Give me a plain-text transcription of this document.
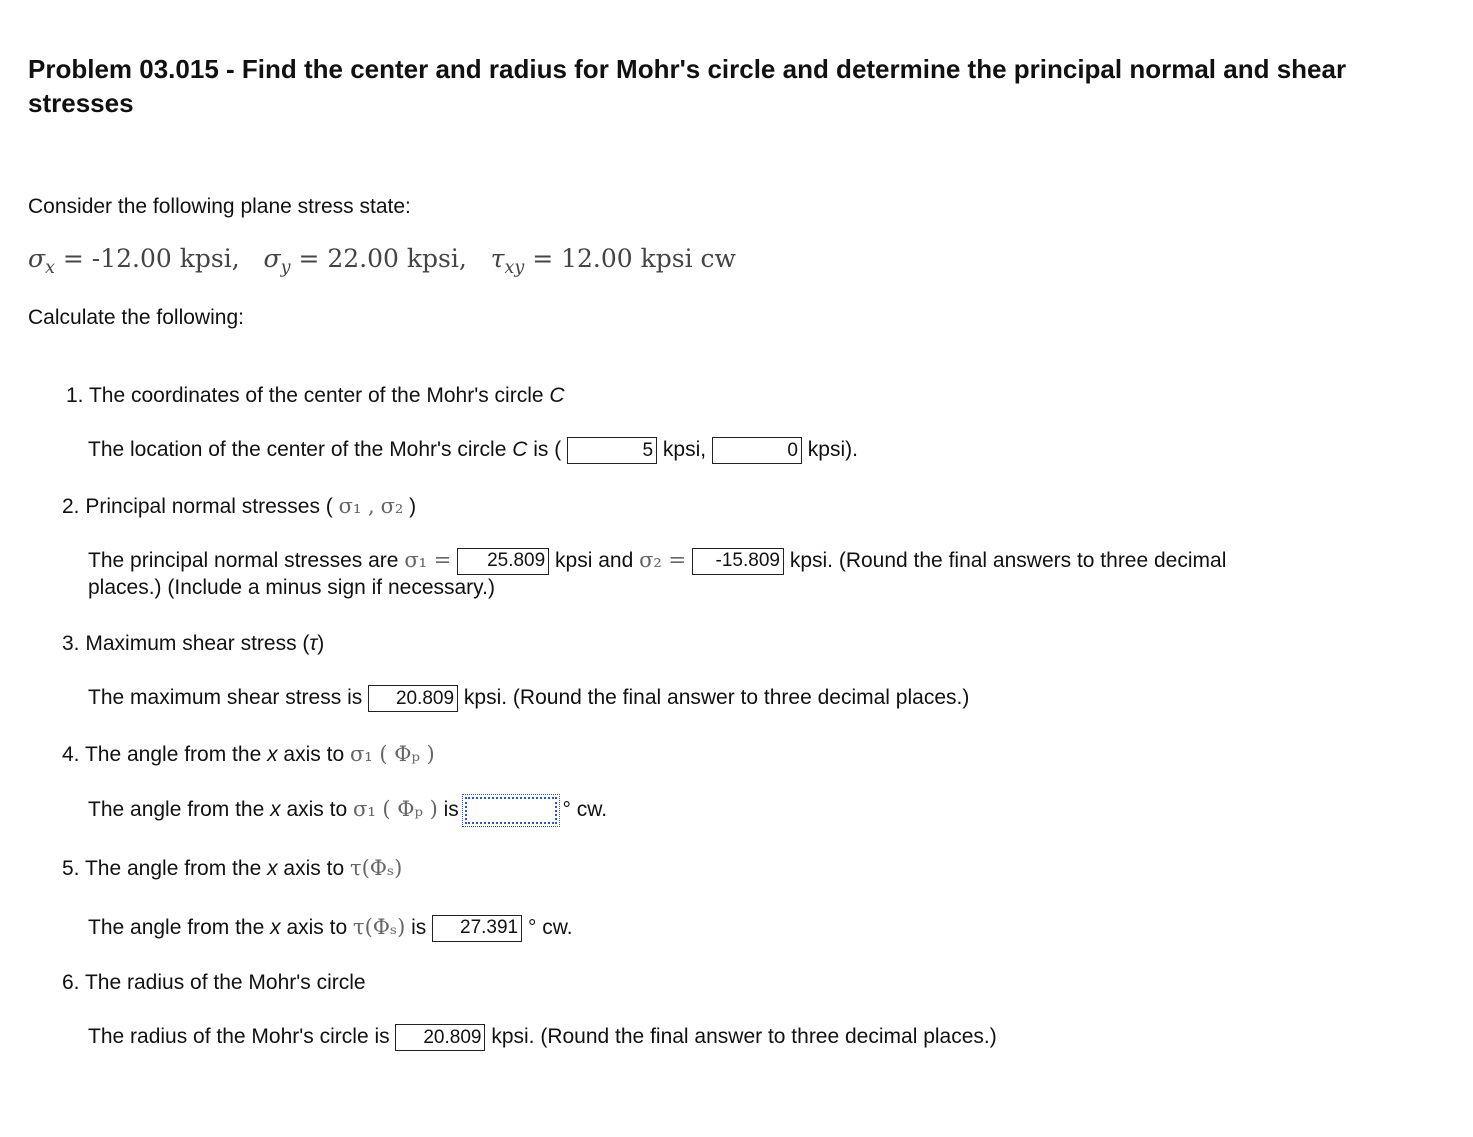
Problem 03.015 - Find the center and radius for Mohr's circle and determine the principal normal and shear stresses
Consider the following plane stress state:
$\sigma_x = -12.00$ kpsi, $\sigma_y = 22.00$ kpsi, $\tau_{xy} = 12.00$ kpsi cw
Calculate the following:
1. The coordinates of the center of the Mohr's circle C
The location of the center of the Mohr's circle C is ( 5	kpsi, 0	kpsi).
2. Principal normal stresses ( σ₁ , σ₂ )
The principal normal stresses are σ₁ = 25.809	kpsi and σ₂ = -15.809	kpsi. (Round the final answers to three decimal
places.) (Include a minus sign if necessary.)
3. Maximum shear stress (τ)
The maximum shear stress is 20.809	kpsi. (Round the final answer to three decimal places.)
4. The angle from the x axis to σ₁ ( Φₚ )
The angle from the x axis to σ₁ ( Φₚ ) is	° cw.
5. The angle from the x axis to τ(Φₛ)
The angle from the x axis to τ(Φₛ) is 27.391	° cw.
6. The radius of the Mohr's circle
The radius of the Mohr's circle is 20.809	kpsi. (Round the final answer to three decimal places.)
